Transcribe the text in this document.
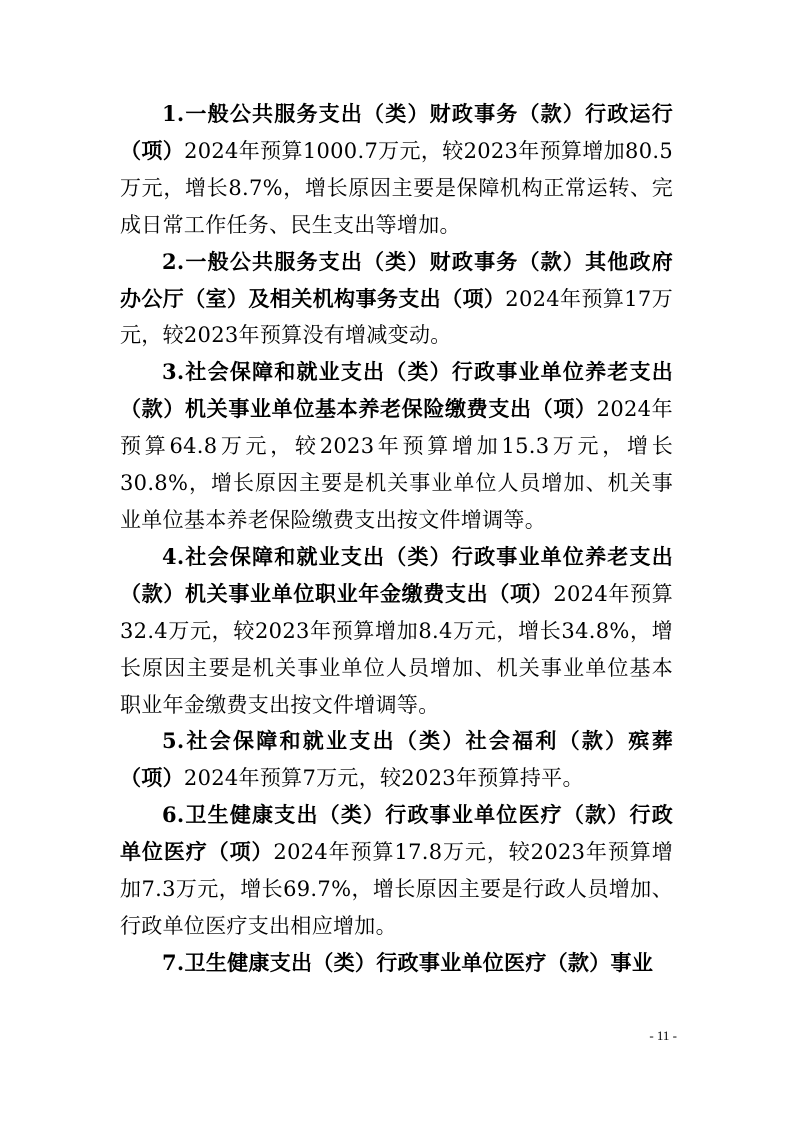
1.一般公共服务支出（类）财政事务（款）行政运行（项）2024年预算1000.7万元，较2023年预算增加80.5万元，增长8.7%，增长原因主要是保障机构正常运转、完成日常工作任务、民生支出等增加。

2.一般公共服务支出（类）财政事务（款）其他政府办公厅（室）及相关机构事务支出（项）2024年预算17万元，较2023年预算没有增减变动。

3.社会保障和就业支出（类）行政事业单位养老支出（款）机关事业单位基本养老保险缴费支出（项）2024年预算64.8万元，较2023年预算增加15.3万元，增长30.8%，增长原因主要是机关事业单位人员增加、机关事业单位基本养老保险缴费支出按文件增调等。

4.社会保障和就业支出（类）行政事业单位养老支出（款）机关事业单位职业年金缴费支出（项）2024年预算32.4万元，较2023年预算增加8.4万元，增长34.8%，增长原因主要是机关事业单位人员增加、机关事业单位基本职业年金缴费支出按文件增调等。

5.社会保障和就业支出（类）社会福利（款）殡葬（项）2024年预算7万元，较2023年预算持平。

6.卫生健康支出（类）行政事业单位医疗（款）行政单位医疗（项）2024年预算17.8万元，较2023年预算增加7.3万元，增长69.7%，增长原因主要是行政人员增加、行政单位医疗支出相应增加。

7.卫生健康支出（类）行政事业单位医疗（款）事业

- 11 -
